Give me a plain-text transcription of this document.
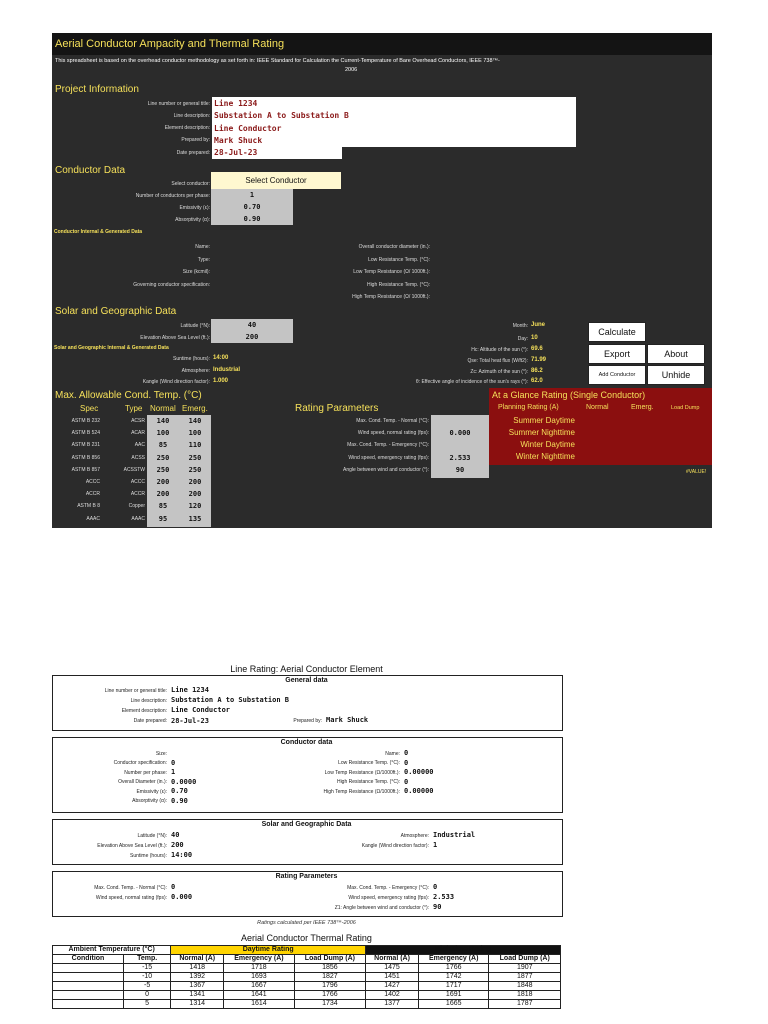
Aerial Conductor Ampacity and Thermal Rating
This spreadsheet is based on the overhead conductor methodology as set forth in: IEEE Standard for Calculation the Current-Temperature of Bare Overhead Conductors, IEEE 738™-
2006
Project Information
Line number or general title: Line 1234
Line description: Substation A to Substation B
Element description: Line Conductor
Prepared by: Mark Shuck
Date prepared: 28-Jul-23
Conductor Data
Select conductor:	Select Conductor
Number of conductors per phase:	1
Emissivity (ε):	0.70
Absorptivity (α):	0.90
Conductor Internal & Generated Data
Name:
Type:
Size (kcmil):
Governing conductor specification:
Overall conductor diameter (in.):
Low Resistance Temp. (°C):
Low Temp Resistance (Ω/ 1000ft.):
High Resistance Temp. (°C):
High Temp Resistance (Ω/ 1000ft.):
Solar and Geographic Data
Latitude (°N):	40
Elevation Above Sea Level (ft.):	200
Solar and Geographic Internal & Generated Data
Month: June
Day: 10
Suntime (hours): 14:00
Atmosphere: Industrial
Kangle (Wind direction factor): 1.000
Hc: Altitude of the sun (°): 69.6
Qse: Total heat flux (W/ft2): 71.99
Zc: Azimuth of the sun (°): 86.2
θ: Effective angle of incidence of the sun's rays (°): 62.0
Calculate
Export	About
Add Conductor	Unhide
Max. Allowable Cond. Temp. (°C)
Spec	Type Normal Emerg.
ASTM B 232	ACSR	140	140
ASTM B 524	ACAR	100	100
ASTM B 231	AAC	85	110
ASTM B 856	ACSS	250	250
ASTM B 857	ACSSTW	250	250
ACCC	ACCC	200	200
ACCR	ACCR	200	200
ASTM B 8	Copper	85	120
AAAC	AAAC	95	135
Rating Parameters
Max. Cond. Temp. - Normal (°C):
Wind speed, normal rating (fps):	0.000
Max. Cond. Temp. - Emergency (°C):
Wind speed, emergency rating (fps):	2.533
Angle between wind and conductor (°):	90
At a Glance Rating (Single Conductor)
Planning Rating (A)	Normal	Emerg.	Load Dump
Summer Daytime
Summer Nighttime
Winter Daytime
Winter Nighttime
#VALUE!
Line Rating: Aerial Conductor Element
General data
Line number or general title: Line 1234
Line description: Substation A to Substation B
Element description: Line Conductor
Date prepared: 28-Jul-23	Prepared by: Mark Shuck
Conductor data
Size:
Conductor specification: 0
Number per phase: 1
Overall Diameter (in.): 0.0000
Emissivity (ε): 0.70
Absorptivity (α): 0.90
Name: 0
Low Resistance Temp. (°C): 0
Low Temp Resistance (Ω/1000ft.): 0.00000
High Resistance Temp. (°C): 0
High Temp Resistance (Ω/1000ft.): 0.00000
Solar and Geographic Data
Latitude (°N): 40
Elevation Above Sea Level (ft.): 200
Suntime (hours): 14:00
Atmosphere: Industrial
Kangle (Wind direction factor): 1
Rating Parameters
Max. Cond. Temp. - Normal (°C): 0
Wind speed, normal rating (fps): 0.000
Max. Cond. Temp. - Emergency (°C): 0
Wind speed, emergency rating (fps): 2.533
Z1: Angle between wind and conductor (°): 90
Ratings calculated per IEEE 738™-2006
Aerial Conductor Thermal Rating
Ambient Temperature (°C)		Daytime Rating			Nighttime Rating		
Condition	Temp.	Normal (A)	Emergency (A)	Load Dump (A)	Normal (A)	Emergency (A)	Load Dump (A)
	-15	1418	1718	1856	1475	1766	1907
	-10	1392	1693	1827	1451	1742	1877
	-5	1367	1667	1796	1427	1717	1848
	0	1341	1641	1766	1402	1691	1818
	5	1314	1614	1734	1377	1665	1787
